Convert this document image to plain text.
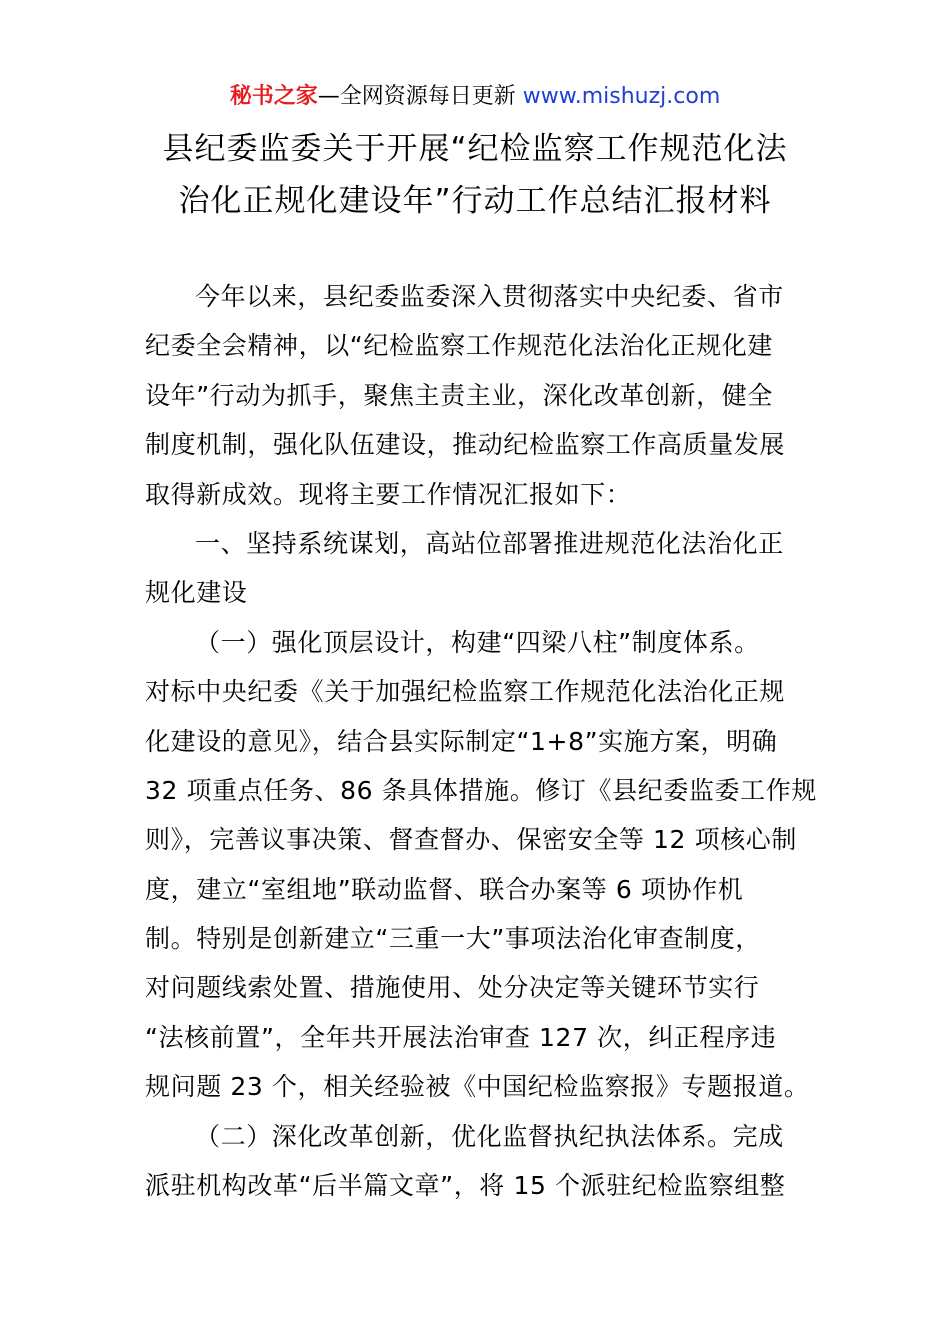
秘书之家—全网资源每日更新 www.mishuzj.com
县纪委监委关于开展“纪检监察工作规范化法
治化正规化建设年”行动工作总结汇报材料
今年以来，县纪委监委深入贯彻落实中央纪委、省市
纪委全会精神，以“纪检监察工作规范化法治化正规化建
设年”行动为抓手，聚焦主责主业，深化改革创新，健全
制度机制，强化队伍建设，推动纪检监察工作高质量发展
取得新成效。现将主要工作情况汇报如下：
一、坚持系统谋划，高站位部署推进规范化法治化正
规化建设
（一）强化顶层设计，构建“四梁八柱”制度体系。
对标中央纪委《关于加强纪检监察工作规范化法治化正规
化建设的意见》，结合县实际制定“1+8”实施方案，明确
32 项重点任务、86 条具体措施。修订《县纪委监委工作规
则》，完善议事决策、督查督办、保密安全等 12 项核心制
度，建立“室组地”联动监督、联合办案等 6 项协作机
制。特别是创新建立“三重一大”事项法治化审查制度，
对问题线索处置、措施使用、处分决定等关键环节实行
“法核前置”，全年共开展法治审查 127 次，纠正程序违
规问题 23 个，相关经验被《中国纪检监察报》专题报道。
（二）深化改革创新，优化监督执纪执法体系。完成
派驻机构改革“后半篇文章”，将 15 个派驻纪检监察组整
